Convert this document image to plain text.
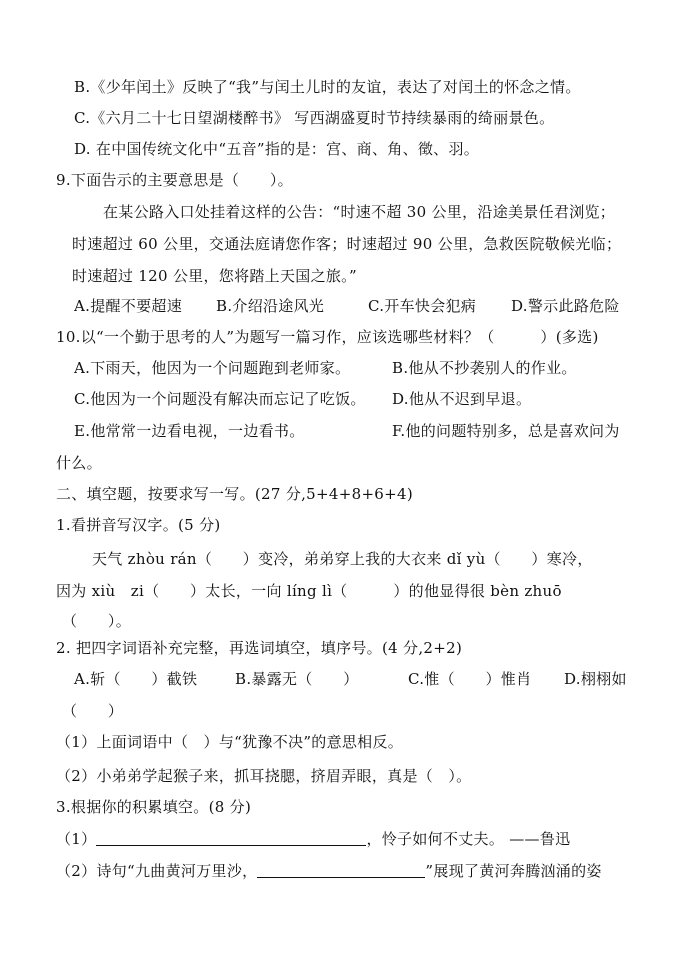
B.《少年闰土》反映了“我”与闰土儿时的友谊，表达了对闰土的怀念之情。
C.《六月二十七日望湖楼醉书》 写西湖盛夏时节持续暴雨的绮丽景色。
D. 在中国传统文化中“五音”指的是：宫、商、角、徵、羽。
9.下面告示的主要意思是（　　）。
在某公路入口处挂着这样的公告：“时速不超 30 公里，沿途美景任君浏览；
时速超过 60 公里，交通法庭请您作客；时速超过 90 公里，急救医院敬候光临；
时速超过 120 公里，您将踏上天国之旅。”
A.提醒不要超速 B.介绍沿途风光	C.开车快会犯病 D.警示此路危险
10.以“一个勤于思考的人”为题写一篇习作，应该选哪些材料？（　　　）(多选)
A.下雨天，他因为一个问题跑到老师家。	B.他从不抄袭别人的作业。
C.他因为一个问题没有解决而忘记了吃饭。 D.他从不迟到早退。
E.他常常一边看电视，一边看书。	F.他的问题特别多，总是喜欢问为
什么。
二、填空题，按要求写一写。(27 分,5+4+8+6+4)
1.看拼音写汉字。(5 分)
天气 zhòu rán（　　）变冷，弟弟穿上我的大衣来 dǐ yù（　　）寒冷，
因为 xiù　zi（　　）太长，一向 líng lì（　　　）的他显得很 bèn zhuō
（　　）。
2. 把四字词语补充完整，再选词填空，填序号。(4 分,2+2)
A.斩（　　）截铁	B.暴露无（　　）	C.惟（　　）惟肖 D.栩栩如
（　　）
（1）上面词语中（　）与“犹豫不决”的意思相反。
（2）小弟弟学起猴子来，抓耳挠腮，挤眉弄眼，真是（　）。
3.根据你的积累填空。(8 分)
（1）	，怜子如何不丈夫。 ——鲁迅
（2）诗句“九曲黄河万里沙，	”展现了黄河奔腾汹涌的姿
